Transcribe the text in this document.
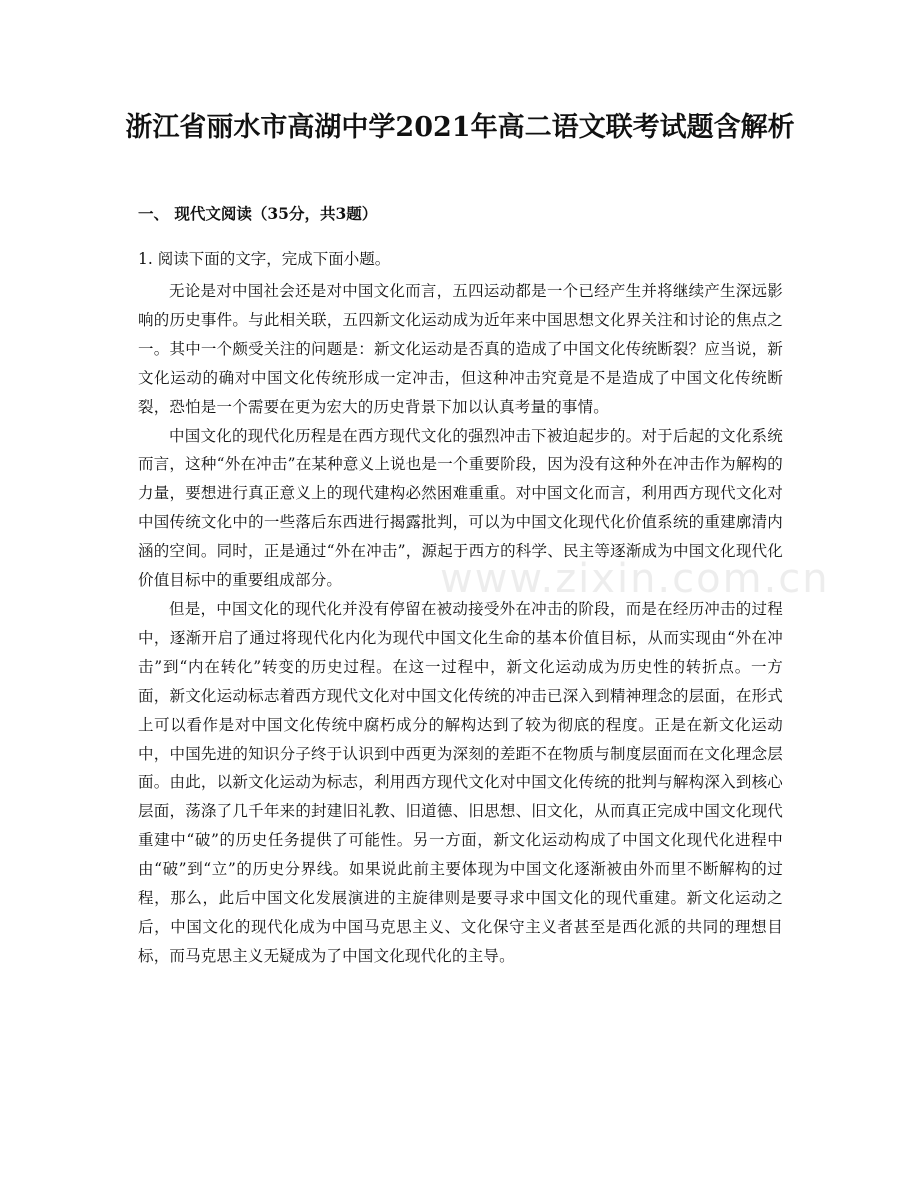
浙江省丽水市高湖中学2021年高二语文联考试题含解析
一、 现代文阅读（35分，共3题）

1. 阅读下面的文字，完成下面小题。

无论是对中国社会还是对中国文化而言，五四运动都是一个已经产生并将继续产生深远影响的历史事件。与此相关联，五四新文化运动成为近年来中国思想文化界关注和讨论的焦点之一。其中一个颇受关注的问题是：新文化运动是否真的造成了中国文化传统断裂？应当说，新文化运动的确对中国文化传统形成一定冲击，但这种冲击究竟是不是造成了中国文化传统断裂，恐怕是一个需要在更为宏大的历史背景下加以认真考量的事情。

中国文化的现代化历程是在西方现代文化的强烈冲击下被迫起步的。对于后起的文化系统而言，这种“外在冲击”在某种意义上说也是一个重要阶段，因为没有这种外在冲击作为解构的力量，要想进行真正意义上的现代建构必然困难重重。对中国文化而言，利用西方现代文化对中国传统文化中的一些落后东西进行揭露批判，可以为中国文化现代化价值系统的重建廓清内涵的空间。同时，正是通过“外在冲击”，源起于西方的科学、民主等逐渐成为中国文化现代化价值目标中的重要组成部分。

但是，中国文化的现代化并没有停留在被动接受外在冲击的阶段，而是在经历冲击的过程中，逐渐开启了通过将现代化内化为现代中国文化生命的基本价值目标，从而实现由“外在冲击”到“内在转化”转变的历史过程。在这一过程中，新文化运动成为历史性的转折点。一方面，新文化运动标志着西方现代文化对中国文化传统的冲击已深入到精神理念的层面，在形式上可以看作是对中国文化传统中腐朽成分的解构达到了较为彻底的程度。正是在新文化运动中，中国先进的知识分子终于认识到中西更为深刻的差距不在物质与制度层面而在文化理念层面。由此，以新文化运动为标志，利用西方现代文化对中国文化传统的批判与解构深入到核心层面，荡涤了几千年来的封建旧礼教、旧道德、旧思想、旧文化，从而真正完成中国文化现代重建中“破”的历史任务提供了可能性。另一方面，新文化运动构成了中国文化现代化进程中由“破”到“立”的历史分界线。如果说此前主要体现为中国文化逐渐被由外而里不断解构的过程，那么，此后中国文化发展演进的主旋律则是要寻求中国文化的现代重建。新文化运动之后，中国文化的现代化成为中国马克思主义、文化保守主义者甚至是西化派的共同的理想目标，而马克思主义无疑成为了中国文化现代化的主导。

www.zixin.com.cn
